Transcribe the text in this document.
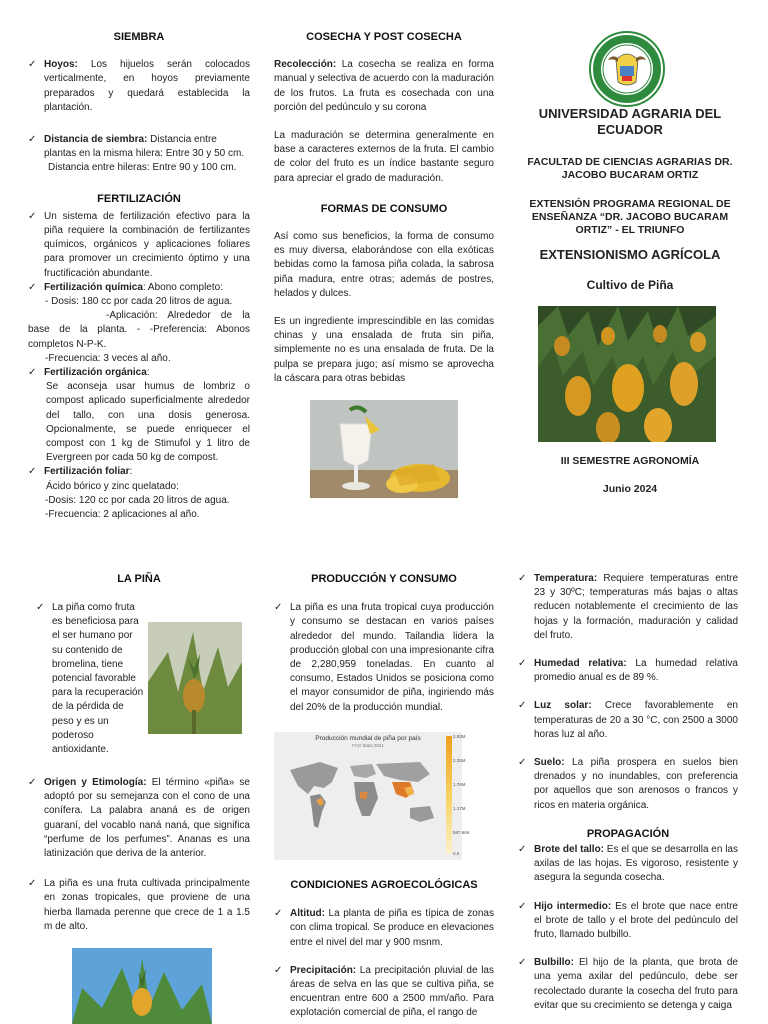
SIEMBRA
✓ Hoyos: Los hijuelos serán colocados verticalmente, en hoyos previamente preparados y quedará establecida la plantación.
✓ Distancia de siembra: Distancia entre plantas en la misma hilera: Entre 30 y 50 cm.
Distancia entre hileras: Entre 90 y 100 cm.
FERTILIZACIÓN
✓ Un sistema de fertilización efectivo para la piña requiere la combinación de fertilizantes químicos, orgánicos y aplicaciones foliares para promover un crecimiento óptimo y una fructificación abundante.
✓ Fertilización química: Abono completo:
- Dosis: 180 cc por cada 20 litros de agua.
-Aplicación: Alrededor de la base de la planta. - -Preferencia: Abonos completos N-P-K.
-Frecuencia: 3 veces al año.
✓ Fertilización orgánica:
Se aconseja usar humus de lombriz o compost aplicado superficialmente alrededor del tallo, con una dosis generosa. Opcionalmente, se puede enriquecer el compost con 1 kg de Stimufol y 1 litro de Evergreen por cada 50 kg de compost.
✓ Fertilización foliar:
Ácido bórico y zinc quelatado:
-Dosis: 120 cc por cada 20 litros de agua.
-Frecuencia: 2 aplicaciones al año.
COSECHA Y POST COSECHA

Recolección: La cosecha se realiza en forma manual y selectiva de acuerdo con la maduración de los frutos. La fruta es cosechada con una porción del pedúnculo y su corona

La maduración se determina generalmente en base a caracteres externos de la fruta. El cambio de color del fruto es un índice bastante seguro para apreciar el grado de maduración.

FORMAS DE CONSUMO

Así como sus beneficios, la forma de consumo es muy diversa, elaborándose con ella exóticas bebidas como la famosa piña colada, la sabrosa piña madura, entre otras; además de postres, helados y dulces.

Es un ingrediente imprescindible en las comidas chinas y una ensalada de fruta sin piña, simplemente no es una ensalada de fruta. De la pulpa se prepara jugo; así mismo se aprovecha la cáscara para otras bebidas

UNIVERSIDAD AGRARIA DEL ECUADOR
FACULTAD DE CIENCIAS AGRARIAS DR. JACOBO BUCARAM ORTIZ
EXTENSIÓN PROGRAMA REGIONAL DE ENSEÑANZA “DR. JACOBO BUCARAM ORTIZ” - EL TRIUNFO
EXTENSIONISMO AGRÍCOLA
Cultivo de Piña
III SEMESTRE AGRONOMÍA
Junio 2024
LA PIÑA
✓ La piña como fruta es beneficiosa para el ser humano por su contenido de bromelina, tiene potencial favorable para la recuperación de la pérdida de peso y es un poderoso antioxidante.
✓ Origen y Etimología: El término «piña» se adoptó por su semejanza con el cono de una conífera. La palabra ananá es de origen guaraní, del vocablo naná naná, que significa “perfume de los perfumes”. Ananas es una latinización que deriva de la anterior.
✓ La piña es una fruta cultivada principalmente en zonas tropicales, que proviene de una hierba llamada perenne que crece de 1 a 1.5 m de alto.
PRODUCCIÓN Y CONSUMO
✓ La piña es una fruta tropical cuya producción y consumo se destacan en varios países alrededor del mundo. Tailandia lidera la producción global con una impresionante cifra de 2,280,959 toneladas. En cuanto al consumo, Estados Unidos se posiciona como el mayor consumidor de piña, ingiriendo más del 20% de la producción mundial.
Producción mundial de piña por país
FAO Stats 2021
2.93M
2.35M
1.76M
1.17M
587.66K
0.0
CONDICIONES AGROECOLÓGICAS
✓ Altitud: La planta de piña es típica de zonas con clima tropical. Se produce en elevaciones entre el nivel del mar y 900 msnm.
✓ Precipitación: La precipitación pluvial de las áreas de selva en las que se cultiva piña, se encuentran entre 600 a 2500 mm/año. Para explotación comercial de piña, el rango de
✓ Temperatura: Requiere temperaturas entre 23 y 30ºC; temperaturas más bajas o altas reducen notablemente el crecimiento de las hojas y la formación, maduración y calidad del fruto.
✓ Humedad relativa: La humedad relativa promedio anual es de 89 %.
✓ Luz solar: Crece favorablemente en temperaturas de 20 a 30 °C, con 2500 a 3000 horas luz al año.
✓ Suelo: La piña prospera en suelos bien drenados y no inundables, con preferencia por aquellos que son arenosos o francos y ricos en materia orgánica.
PROPAGACIÓN
✓ Brote del tallo: Es el que se desarrolla en las axilas de las hojas. Es vigoroso, resistente y asegura la segunda cosecha.
✓ Hijo intermedio: Es el brote que nace entre el brote de tallo y el brote del pedúnculo del fruto, llamado bulbillo.
✓ Bulbillo: El hijo de la planta, que brota de una yema axilar del pedúnculo, debe ser recolectado durante la cosecha del fruto para evitar que su crecimiento se detenga y caiga
